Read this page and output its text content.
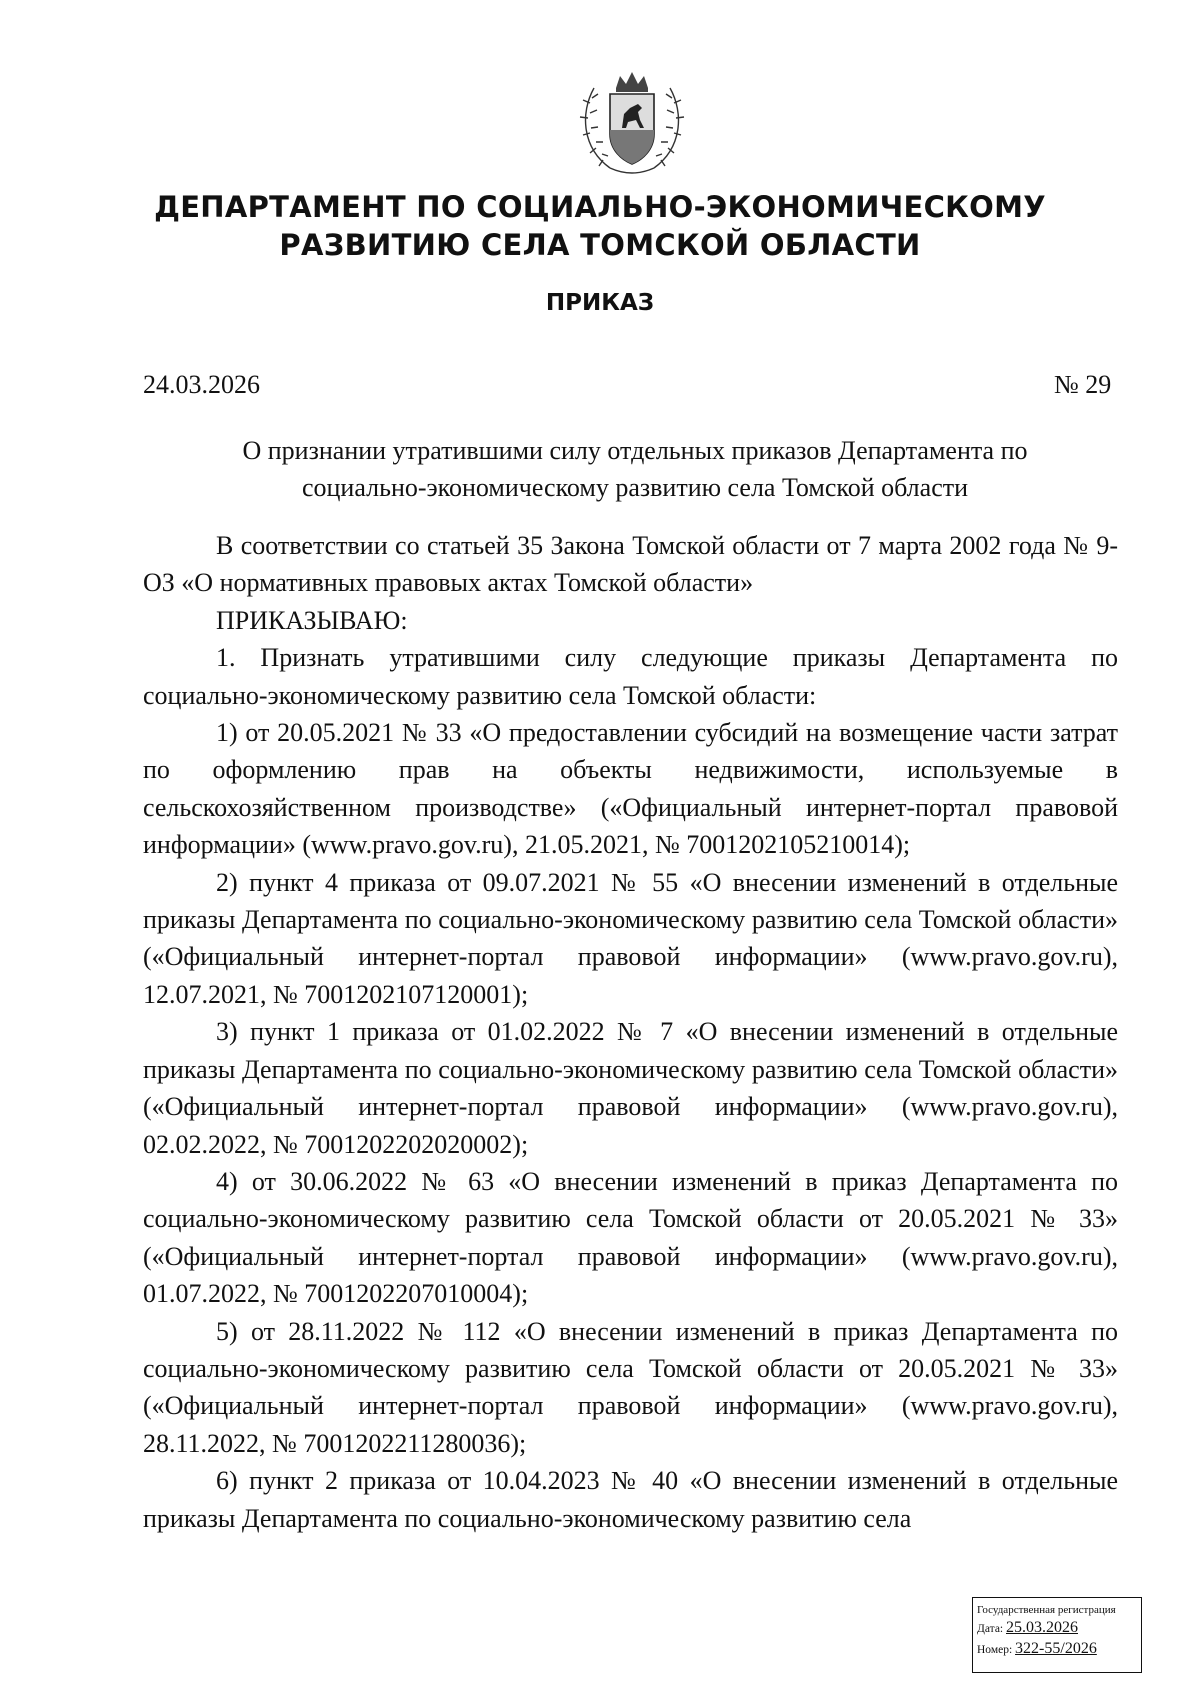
ДЕПАРТАМЕНТ ПО СОЦИАЛЬНО-ЭКОНОМИЧЕСКОМУ
РАЗВИТИЮ СЕЛА ТОМСКОЙ ОБЛАСТИ
ПРИКАЗ
24.03.2026	№ 29
О признании утратившими силу отдельных приказов Департамента по
социально-экономическому развитию села Томской области

В соответствии со статьей 35 Закона Томской области от 7 марта 2002 года № 9-ОЗ «О нормативных правовых актах Томской области»

ПРИКАЗЫВАЮ:

1. Признать утратившими силу следующие приказы Департамента по социально-экономическому развитию села Томской области:

1) от 20.05.2021 № 33 «О предоставлении субсидий на возмещение части затрат по оформлению прав на объекты недвижимости, используемые в сельскохозяйственном производстве» («Официальный интернет-портал правовой информации» (www.pravo.gov.ru), 21.05.2021, № 7001202105210014);

2) пункт 4 приказа от 09.07.2021 № 55 «О внесении изменений в отдельные приказы Департамента по социально-экономическому развитию села Томской области» («Официальный интернет-портал правовой информации» (www.pravo.gov.ru), 12.07.2021, № 7001202107120001);

3) пункт 1 приказа от 01.02.2022 № 7 «О внесении изменений в отдельные приказы Департамента по социально-экономическому развитию села Томской области» («Официальный интернет-портал правовой информации» (www.pravo.gov.ru), 02.02.2022, № 7001202202020002);

4) от 30.06.2022 № 63 «О внесении изменений в приказ Департамента по социально-экономическому развитию села Томской области от 20.05.2021 № 33» («Официальный интернет-портал правовой информации» (www.pravo.gov.ru), 01.07.2022, № 7001202207010004);

5) от 28.11.2022 № 112 «О внесении изменений в приказ Департамента по социально-экономическому развитию села Томской области от 20.05.2021 № 33» («Официальный интернет-портал правовой информации» (www.pravo.gov.ru), 28.11.2022, № 7001202211280036);

6) пункт 2 приказа от 10.04.2023 № 40 «О внесении изменений в отдельные приказы Департамента по социально-экономическому развитию села

Государственная регистрация
Дата: 25.03.2026
Номер: 322-55/2026
